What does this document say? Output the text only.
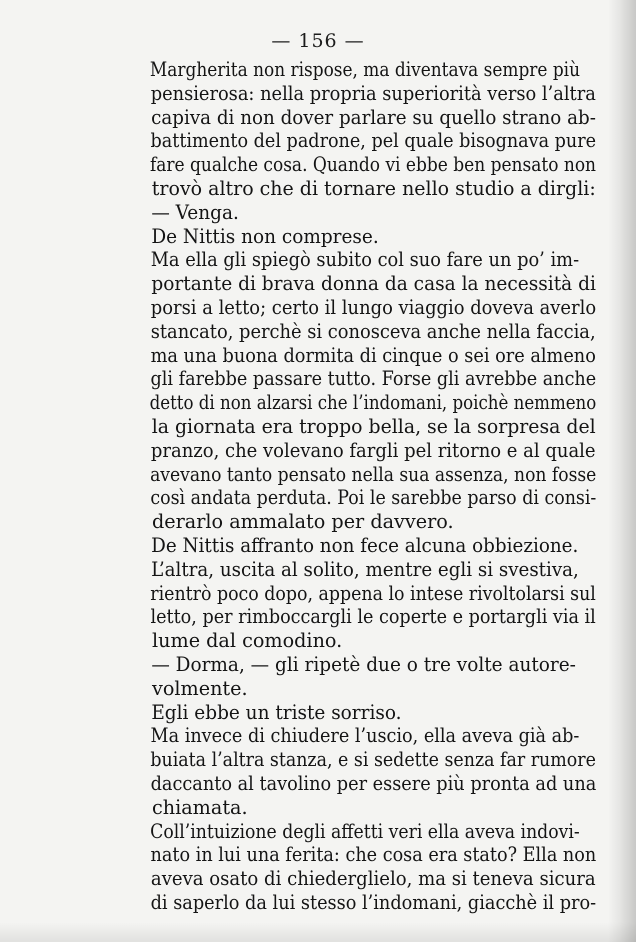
— 156 —

Margherita non rispose, ma diventava sempre più
pensierosa: nella propria superiorità verso l’altra
capiva di non dover parlare su quello strano ab-
battimento del padrone, pel quale bisognava pure
fare qualche cosa. Quando vi ebbe ben pensato non
trovò altro che di tornare nello studio a dirgli:

— Venga.

De Nittis non comprese.

Ma ella gli spiegò subito col suo fare un po’ im-
portante di brava donna da casa la necessità di
porsi a letto; certo il lungo viaggio doveva averlo
stancato, perchè si conosceva anche nella faccia,
ma una buona dormita di cinque o sei ore almeno
gli farebbe passare tutto. Forse gli avrebbe anche
detto di non alzarsi che l’indomani, poichè nemmeno
la giornata era troppo bella, se la sorpresa del
pranzo, che volevano fargli pel ritorno e al quale
avevano tanto pensato nella sua assenza, non fosse
così andata perduta. Poi le sarebbe parso di consi-
derarlo ammalato per davvero.

De Nittis affranto non fece alcuna obbiezione.

L’altra, uscita al solito, mentre egli si svestiva,
rientrò poco dopo, appena lo intese rivoltolarsi sul
letto, per rimboccargli le coperte e portargli via il
lume dal comodino.

— Dorma, — gli ripetè due o tre volte autore-
volmente.

Egli ebbe un triste sorriso.

Ma invece di chiudere l’uscio, ella aveva già ab-
buiata l’altra stanza, e si sedette senza far rumore
daccanto al tavolino per essere più pronta ad una
chiamata.

Coll’intuizione degli affetti veri ella aveva indovi-
nato in lui una ferita: che cosa era stato? Ella non
aveva osato di chiederglielo, ma si teneva sicura
di saperlo da lui stesso l’indomani, giacchè il pro-
